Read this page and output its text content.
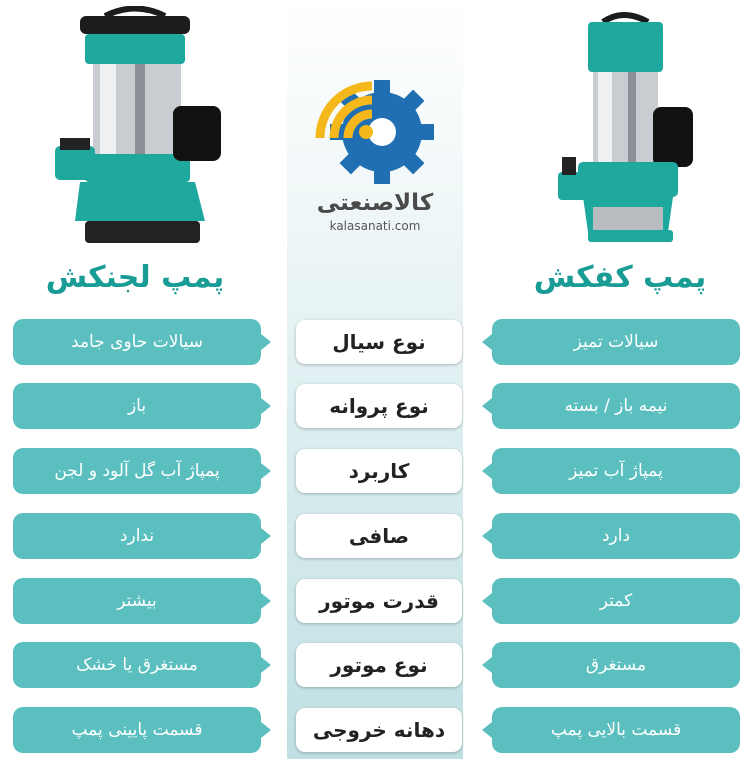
کالاصنعتی
kalasanati.com
پمپ لجنکش	پمپ کفکش
سیالات حاوی جامد	نوع سیال	سیالات تمیز
باز	نوع پروانه	نیمه باز / بسته
پمپاژ آب گل آلود و لجن	کاربرد	پمپاژ آب تمیز
ندارد	صافی	دارد
بیشتر	قدرت موتور	کمتر
مستغرق یا خشک	نوع موتور	مستغرق
قسمت پایینی پمپ	دهانه خروجی	قسمت بالایی پمپ
